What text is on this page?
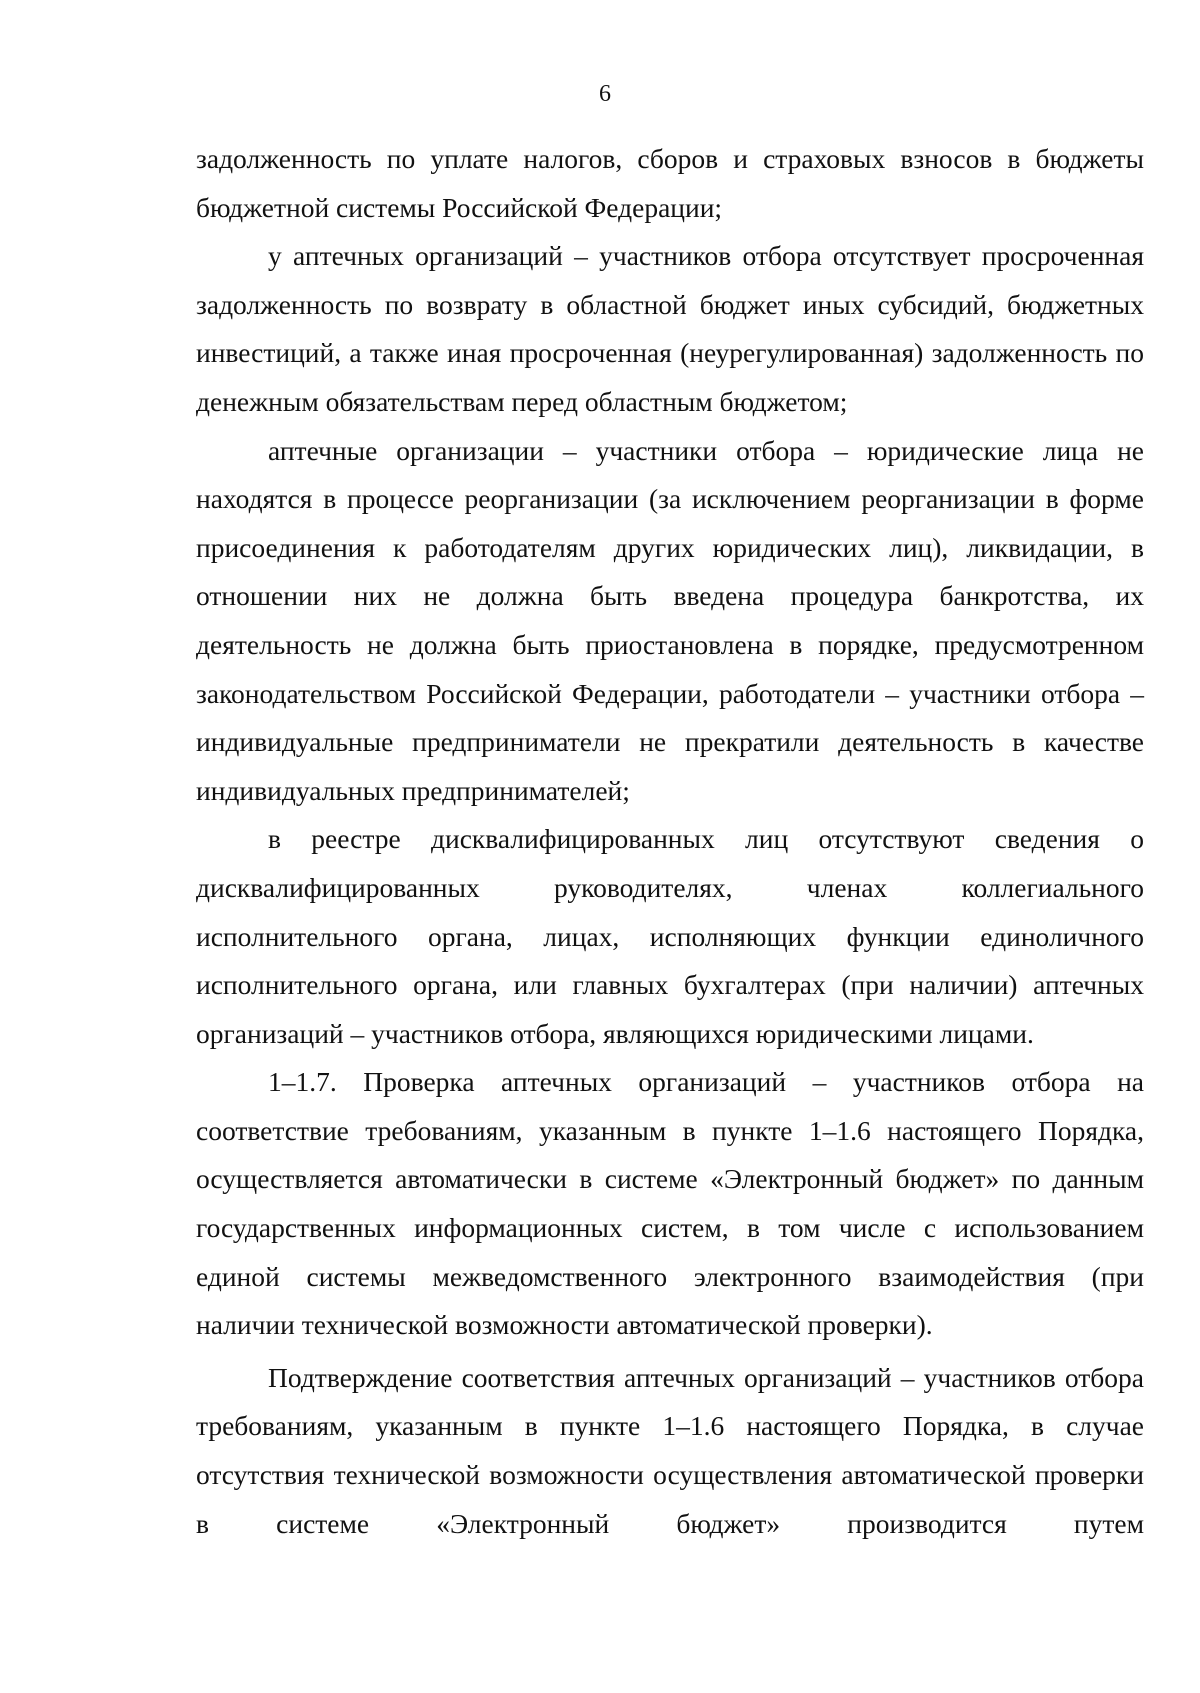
6

задолженность по уплате налогов, сборов и страховых взносов в бюджеты бюджетной системы Российской Федерации;

у аптечных организаций – участников отбора отсутствует просроченная задолженность по возврату в областной бюджет иных субсидий, бюджетных инвестиций, а также иная просроченная (неурегулированная) задолженность по денежным обязательствам перед областным бюджетом;

аптечные организации – участники отбора – юридические лица не находятся в процессе реорганизации (за исключением реорганизации в форме присоединения к работодателям других юридических лиц), ликвидации, в отношении них не должна быть введена процедура банкротства, их деятельность не должна быть приостановлена в порядке, предусмотренном законодательством Российской Федерации, работодатели – участники отбора – индивидуальные предприниматели не прекратили деятельность в качестве индивидуальных предпринимателей;

в реестре дисквалифицированных лиц отсутствуют сведения о дисквалифицированных руководителях, членах коллегиального исполнительного органа, лицах, исполняющих функции единоличного исполнительного органа, или главных бухгалтерах (при наличии) аптечных организаций – участников отбора, являющихся юридическими лицами.

1–1.7. Проверка аптечных организаций – участников отбора на соответствие требованиям, указанным в пункте 1–1.6 настоящего Порядка, осуществляется автоматически в системе «Электронный бюджет» по данным государственных информационных систем, в том числе с использованием единой системы межведомственного электронного взаимодействия (при наличии технической возможности автоматической проверки).

Подтверждение соответствия аптечных организаций – участников отбора требованиям, указанным в пункте 1–1.6 настоящего Порядка, в случае отсутствия технической возможности осуществления автоматической проверки в системе «Электронный бюджет» производится путем
